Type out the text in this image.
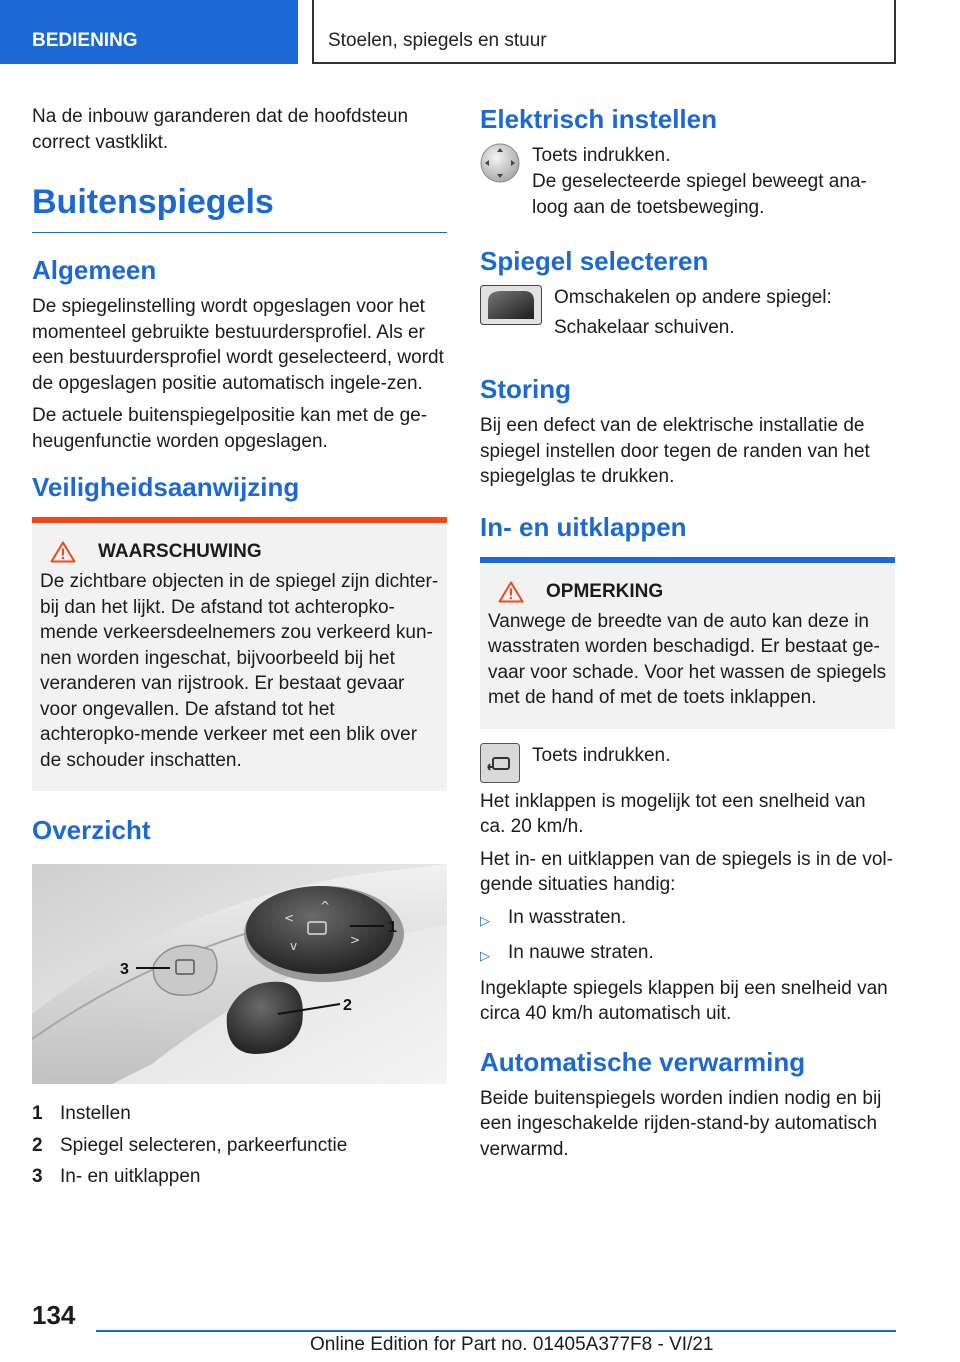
BEDIENING	Stoelen, spiegels en stuur

Na de inbouw garanderen dat de hoofdsteun correct vastklikt.

Buitenspiegels
Algemeen

De spiegelinstelling wordt opgeslagen voor het momenteel gebruikte bestuurdersprofiel. Als er een bestuurdersprofiel wordt geselecteerd, wordt de opgeslagen positie automatisch ingele-zen.

De actuele buitenspiegelpositie kan met de ge-heugenfunctie worden opgeslagen.

Veiligheidsaanwijzing
WAARSCHUWING

De zichtbare objecten in de spiegel zijn dichter-bij dan het lijkt. De afstand tot achteropko-mende verkeersdeelnemers zou verkeerd kun-nen worden ingeschat, bijvoorbeeld bij het veranderen van rijstrook. Er bestaat gevaar voor ongevallen. De afstand tot het achteropko-mende verkeer met een blik over de schouder inschatten.

Overzicht
<
^
>
v
1
2
3
1 Instellen
2 Spiegel selecteren, parkeerfunctie
3 In- en uitklappen
Elektrisch instellen

Toets indrukken.

De geselecteerde spiegel beweegt ana-loog aan de toetsbeweging.

Spiegel selecteren

Omschakelen op andere spiegel:

Schakelaar schuiven.

Storing

Bij een defect van de elektrische installatie de spiegel instellen door tegen de randen van het spiegelglas te drukken.

In- en uitklappen
OPMERKING

Vanwege de breedte van de auto kan deze in wasstraten worden beschadigd. Er bestaat ge-vaar voor schade. Voor het wassen de spiegels met de hand of met de toets inklappen.

Toets indrukken.

Het inklappen is mogelijk tot een snelheid van ca. 20 km/h.

Het in- en uitklappen van de spiegels is in de vol-gende situaties handig:

▷ In wasstraten.
▷ In nauwe straten.

Ingeklapte spiegels klappen bij een snelheid van circa 40 km/h automatisch uit.

Automatische verwarming

Beide buitenspiegels worden indien nodig en bij een ingeschakelde rijden-stand-by automatisch verwarmd.

134
Online Edition for Part no. 01405A377F8 - VI/21
